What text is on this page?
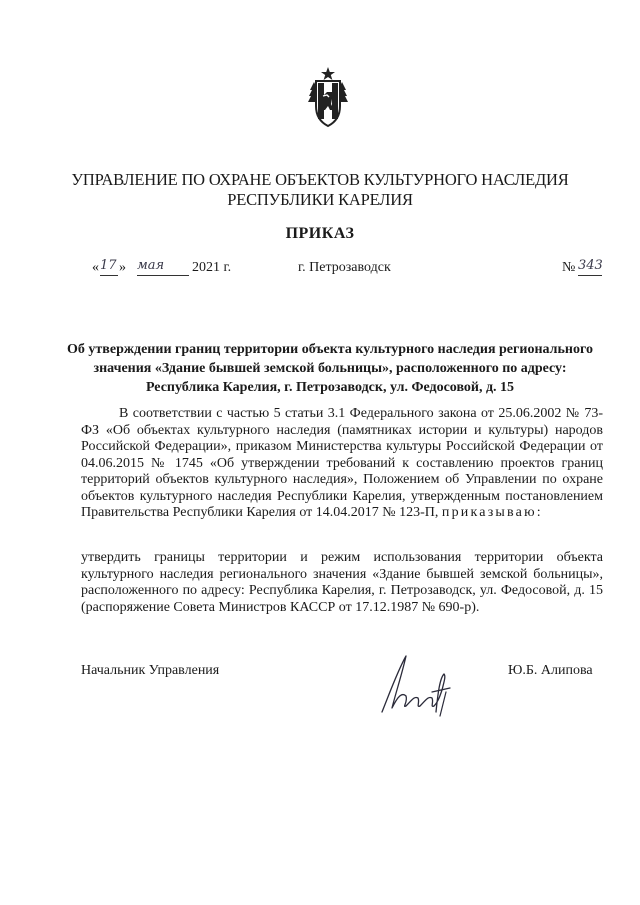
УПРАВЛЕНИЕ ПО ОХРАНЕ ОБЪЕКТОВ КУЛЬТУРНОГО НАСЛЕДИЯ
РЕСПУБЛИКИ КАРЕЛИЯ
ПРИКАЗ
« 17 » мая 2021 г.	г. Петрозаводск	№ 343
Об утверждении границ территории объекта культурного наследия регионального значения «Здание бывшей земской больницы», расположенного по адресу: Республика Карелия, г. Петрозаводск, ул. Федосовой, д. 15
В соответствии с частью 5 статьи 3.1 Федерального закона от 25.06.2002 № 73-ФЗ «Об объектах культурного наследия (памятниках истории и культуры) народов Российской Федерации», приказом Министерства культуры Российской Федерации от 04.06.2015 № 1745 «Об утверждении требований к составлению проектов границ территорий объектов культурного наследия», Положением об Управлении по охране объектов культурного наследия Республики Карелия, утвержденным постановлением Правительства Республики Карелия от 14.04.2017 № 123-П, приказываю:
утвердить границы территории и режим использования территории объекта культурного наследия регионального значения «Здание бывшей земской больницы», расположенного по адресу: Республика Карелия, г. Петрозаводск, ул. Федосовой, д. 15 (распоряжение Совета Министров КАССР от 17.12.1987 № 690-р).
Начальник Управления	Ю.Б. Алипова
